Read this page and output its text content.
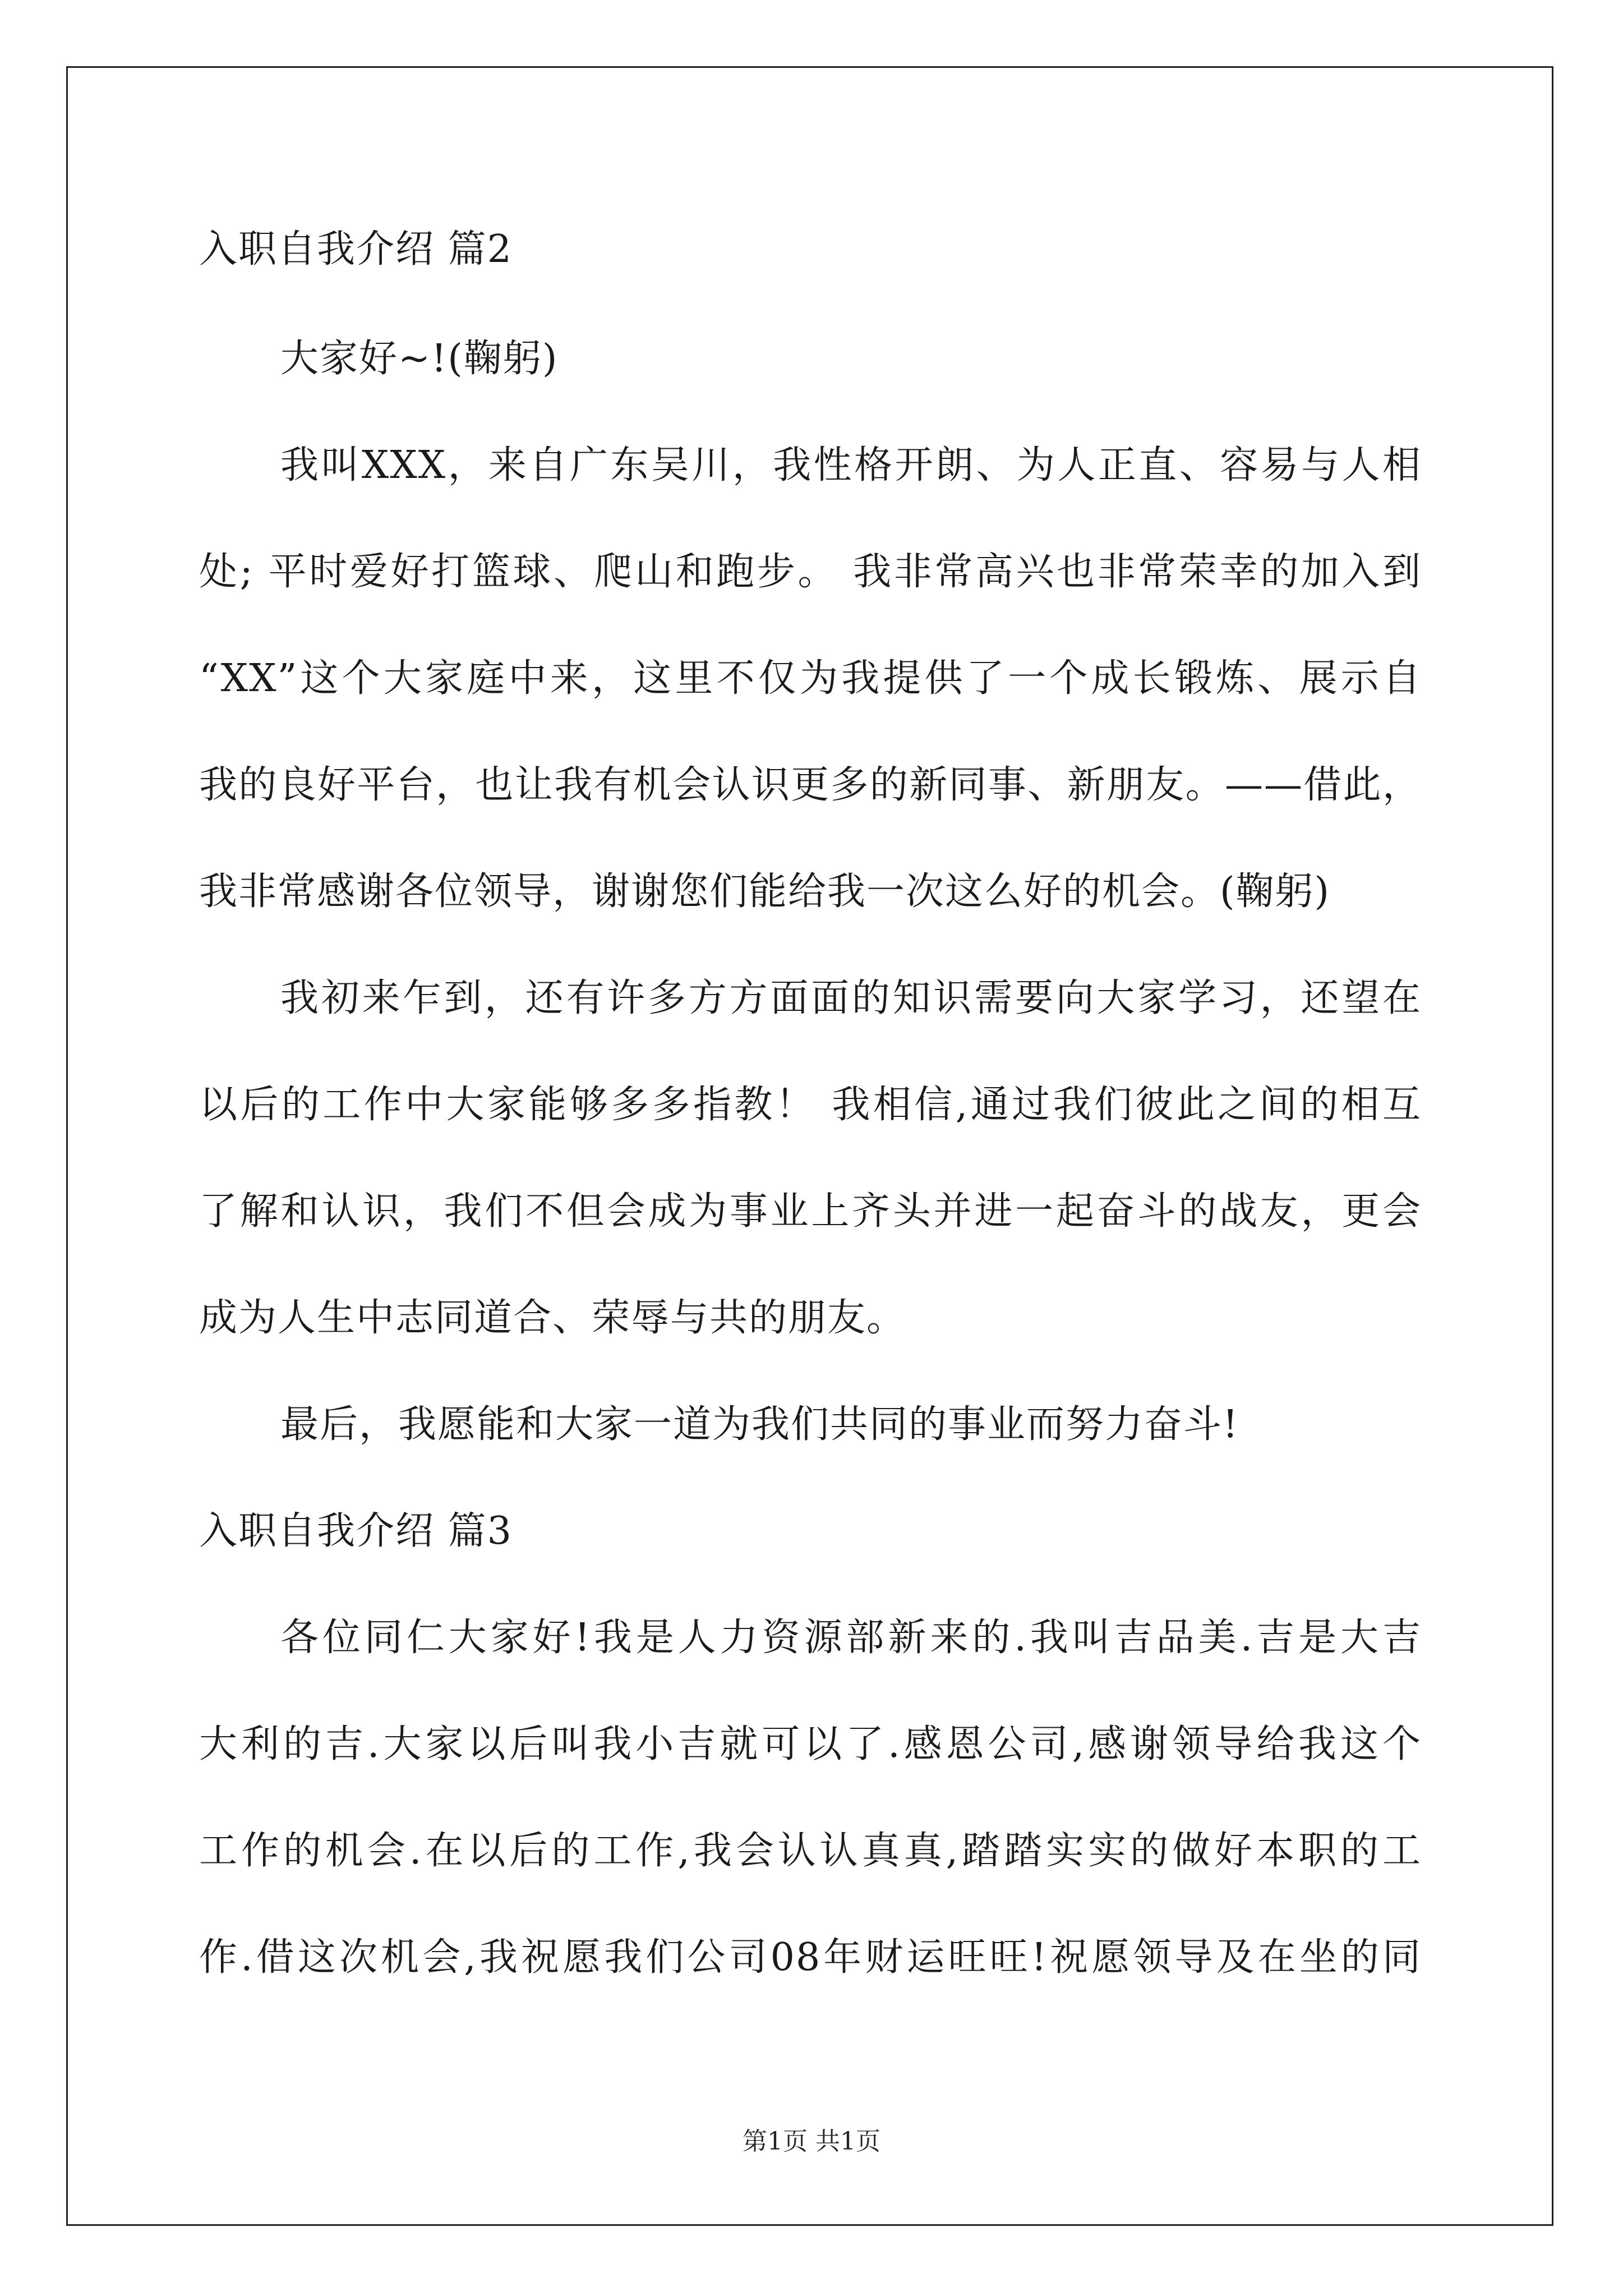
入职自我介绍 篇2
大家好~!(鞠躬)
我叫XXX，来自广东吴川，我性格开朗、为人正直、容易与人相
处; 平时爱好打篮球、爬山和跑步。 我非常高兴也非常荣幸的加入到
“XX”这个大家庭中来，这里不仅为我提供了一个成长锻炼、展示自
我的良好平台，也让我有机会认识更多的新同事、新朋友。——借此，
我非常感谢各位领导，谢谢您们能给我一次这么好的机会。(鞠躬)
我初来乍到，还有许多方方面面的知识需要向大家学习，还望在
以后的工作中大家能够多多指教！ 我相信,通过我们彼此之间的相互
了解和认识，我们不但会成为事业上齐头并进一起奋斗的战友，更会
成为人生中志同道合、荣辱与共的朋友。
最后，我愿能和大家一道为我们共同的事业而努力奋斗!
入职自我介绍 篇3
各位同仁大家好!我是人力资源部新来的.我叫吉品美.吉是大吉
大利的吉.大家以后叫我小吉就可以了.感恩公司,感谢领导给我这个
工作的机会.在以后的工作,我会认认真真,踏踏实实的做好本职的工
作.借这次机会,我祝愿我们公司08年财运旺旺!祝愿领导及在坐的同
第1页 共1页
